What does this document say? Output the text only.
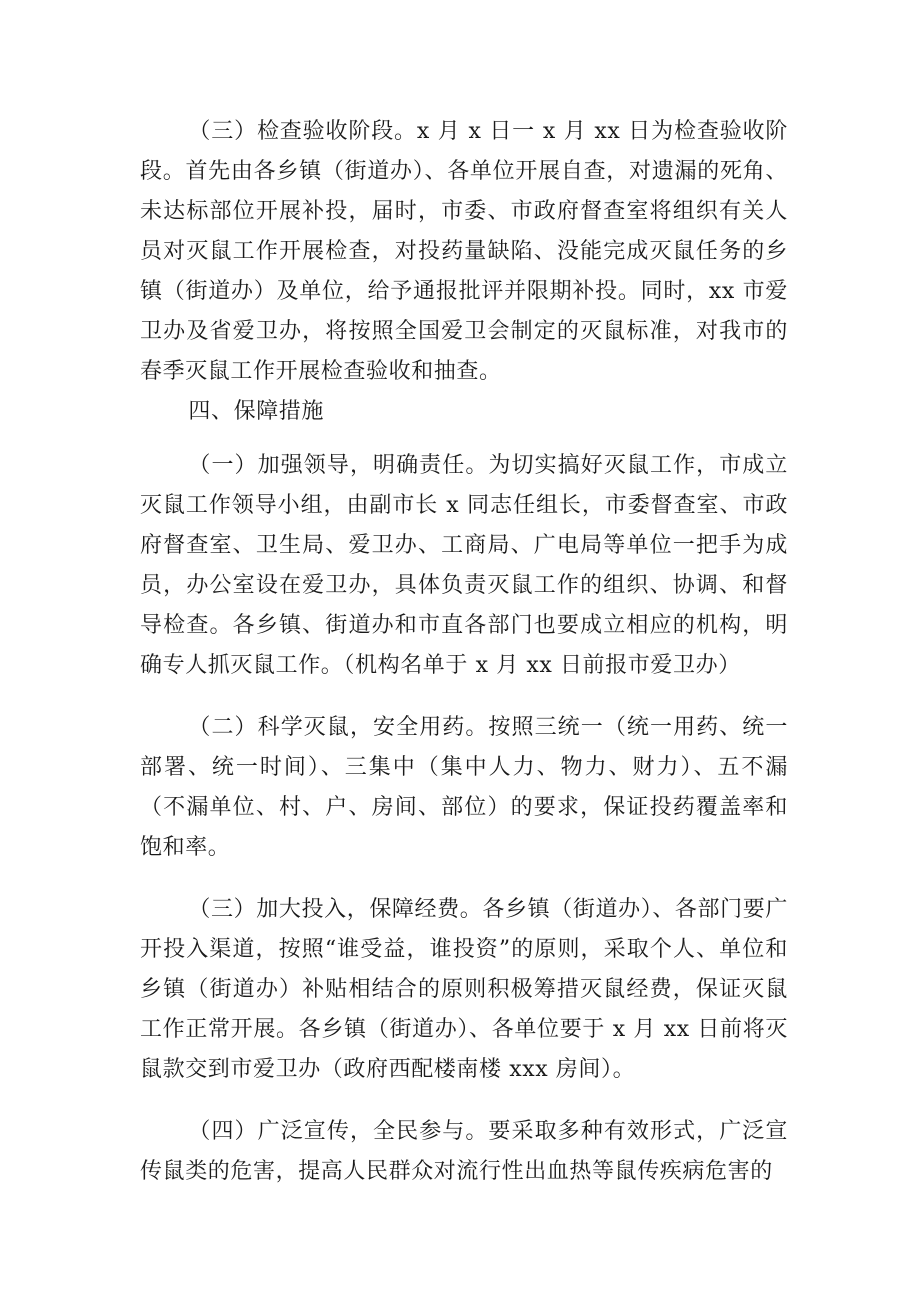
（三）检查验收阶段。x 月 x 日一 x 月 xx 日为检查验收阶段。首先由各乡镇（街道办）、各单位开展自查，对遗漏的死角、未达标部位开展补投，届时，市委、市政府督查室将组织有关人员对灭鼠工作开展检查，对投药量缺陷、没能完成灭鼠任务的乡镇（街道办）及单位，给予通报批评并限期补投。同时，xx 市爱卫办及省爱卫办，将按照全国爱卫会制定的灭鼠标准，对我市的春季灭鼠工作开展检查验收和抽查。

四、保障措施

（一）加强领导，明确责任。为切实搞好灭鼠工作，市成立灭鼠工作领导小组，由副市长 x 同志任组长，市委督查室、市政府督查室、卫生局、爱卫办、工商局、广电局等单位一把手为成员，办公室设在爱卫办，具体负责灭鼠工作的组织、协调、和督导检查。各乡镇、街道办和市直各部门也要成立相应的机构，明确专人抓灭鼠工作。（机构名单于 x 月 xx 日前报市爱卫办）

（二）科学灭鼠，安全用药。按照三统一（统一用药、统一部署、统一时间）、三集中（集中人力、物力、财力）、五不漏（不漏单位、村、户、房间、部位）的要求，保证投药覆盖率和饱和率。

（三）加大投入，保障经费。各乡镇（街道办）、各部门要广开投入渠道，按照“谁受益，谁投资”的原则，采取个人、单位和乡镇（街道办）补贴相结合的原则积极筹措灭鼠经费，保证灭鼠工作正常开展。各乡镇（街道办）、各单位要于 x 月 xx 日前将灭鼠款交到市爱卫办（政府西配楼南楼 xxx 房间）。

（四）广泛宣传，全民参与。要采取多种有效形式，广泛宣传鼠类的危害，提高人民群众对流行性出血热等鼠传疾病危害的
